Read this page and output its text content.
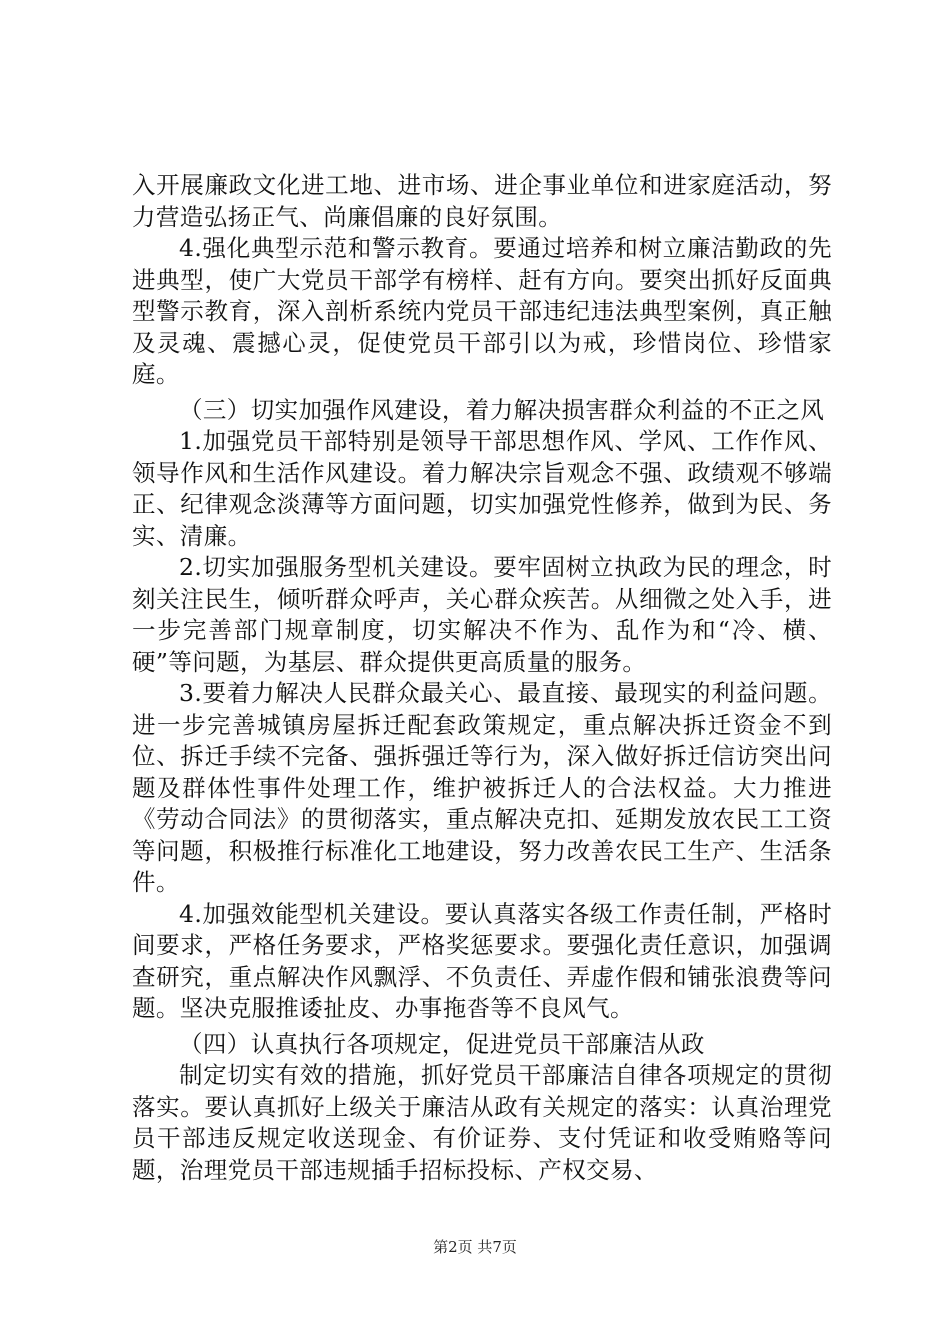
入开展廉政文化进工地、进市场、进企事业单位和进家庭活动，努力营造弘扬正气、尚廉倡廉的良好氛围。

4.强化典型示范和警示教育。要通过培养和树立廉洁勤政的先进典型，使广大党员干部学有榜样、赶有方向。要突出抓好反面典型警示教育，深入剖析系统内党员干部违纪违法典型案例，真正触及灵魂、震撼心灵，促使党员干部引以为戒，珍惜岗位、珍惜家庭。

（三）切实加强作风建设，着力解决损害群众利益的不正之风

1.加强党员干部特别是领导干部思想作风、学风、工作作风、领导作风和生活作风建设。着力解决宗旨观念不强、政绩观不够端正、纪律观念淡薄等方面问题，切实加强党性修养，做到为民、务实、清廉。

2.切实加强服务型机关建设。要牢固树立执政为民的理念，时刻关注民生，倾听群众呼声，关心群众疾苦。从细微之处入手，进一步完善部门规章制度，切实解决不作为、乱作为和“冷、横、硬”等问题，为基层、群众提供更高质量的服务。

3.要着力解决人民群众最关心、最直接、最现实的利益问题。进一步完善城镇房屋拆迁配套政策规定，重点解决拆迁资金不到位、拆迁手续不完备、强拆强迁等行为，深入做好拆迁信访突出问题及群体性事件处理工作，维护被拆迁人的合法权益。大力推进《劳动合同法》的贯彻落实，重点解决克扣、延期发放农民工工资等问题，积极推行标准化工地建设，努力改善农民工生产、生活条件。

4.加强效能型机关建设。要认真落实各级工作责任制，严格时间要求，严格任务要求，严格奖惩要求。要强化责任意识，加强调查研究，重点解决作风飘浮、不负责任、弄虚作假和铺张浪费等问题。坚决克服推诿扯皮、办事拖沓等不良风气。

（四）认真执行各项规定，促进党员干部廉洁从政

制定切实有效的措施，抓好党员干部廉洁自律各项规定的贯彻落实。要认真抓好上级关于廉洁从政有关规定的落实：认真治理党员干部违反规定收送现金、有价证券、支付凭证和收受贿赂等问题，治理党员干部违规插手招标投标、产权交易、

第2页 共7页
